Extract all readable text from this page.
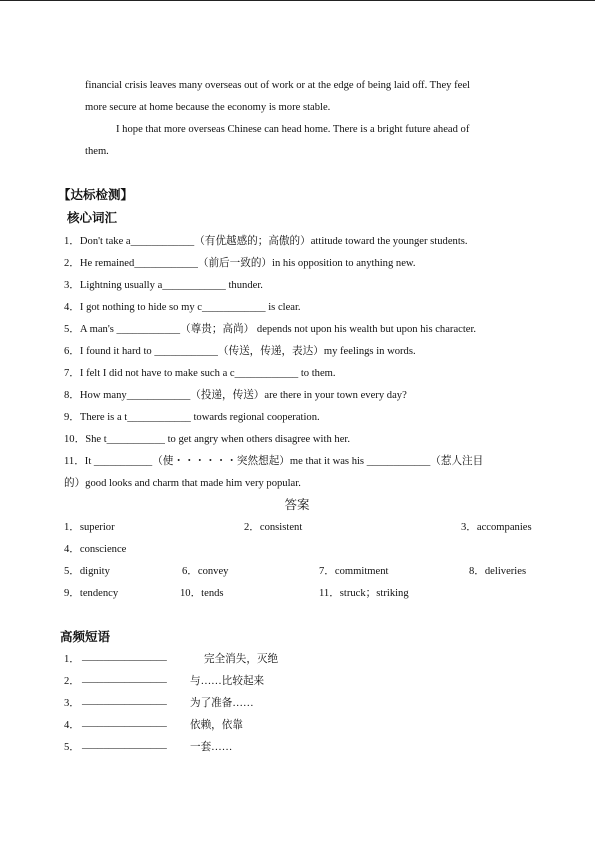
financial crisis leaves many overseas out of work or at the edge of being laid off. They feel
more secure at home because the economy is more stable.
I hope that more overseas Chinese can head home. There is a bright future ahead of
them.
【达标检测】
核心词汇
1．Don't take a____________（有优越感的；高傲的）attitude toward the younger students.
2．He remained____________（前后一致的）in his opposition to anything new.
3．Lightning usually a____________ thunder.
4．I got nothing to hide so my c____________ is clear.
5．A man's ____________（尊贵；高尚） depends not upon his wealth but upon his character.
6．I found it hard to ____________（传送，传递，表达）my feelings in words.
7．I felt I did not have to make such a c____________ to them.
8．How many____________（投递，传送）are there in your town every day?
9．There is a t____________ towards regional cooperation.
10．She t___________ to get angry when others disagree with her.
11．It ___________（使・・・・・・突然想起）me that it was his ____________（惹人注目
的）good looks and charm that made him very popular.
答案
1．superior	2．consistent	3．accompanies
4．conscience
5．dignity	6．convey	7．commitment	8．deliveries
9．tendency	10．tends	11．struck；striking
高频短语
1． ________________	完全消失，灭绝
2． ________________ 与……比较起来
3． ________________ 为了准备……
4． ________________ 依赖，依靠
5． ________________ 一套……
